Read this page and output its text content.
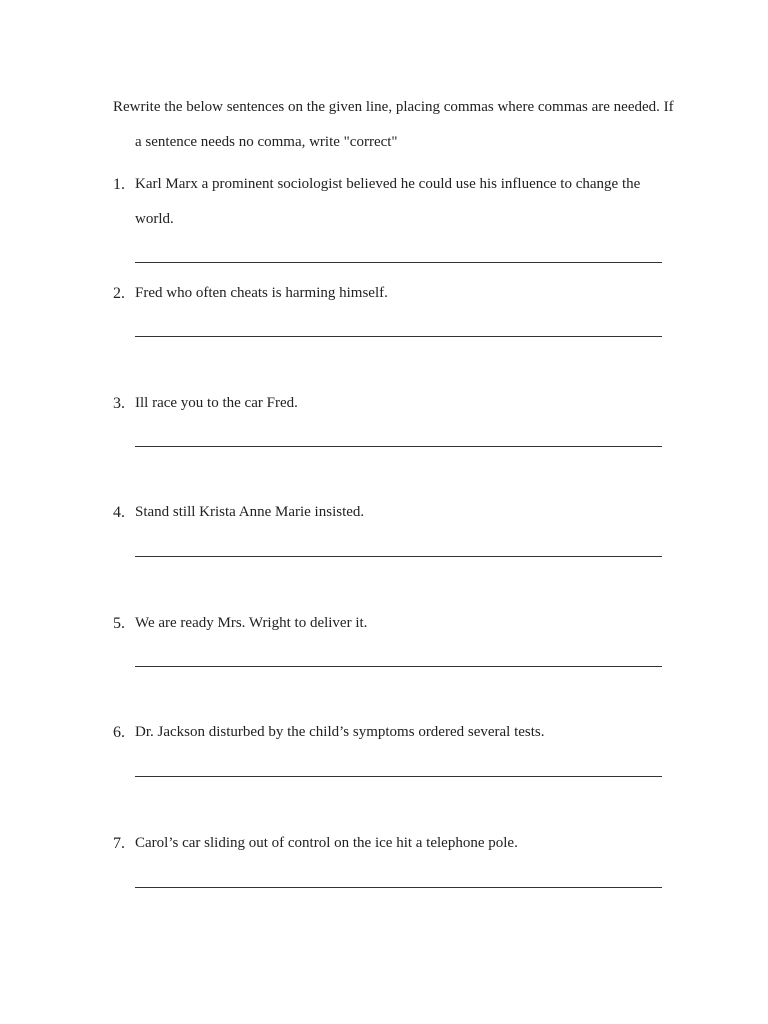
Rewrite the below sentences on the given line, placing commas where commas are needed. If
a sentence needs no comma, write "correct"
1. Karl Marx a prominent sociologist believed he could use his influence to change the
world.
2. Fred who often cheats is harming himself.
3. Ill race you to the car Fred.
4. Stand still Krista Anne Marie insisted.
5. We are ready Mrs. Wright to deliver it.
6. Dr. Jackson disturbed by the child’s symptoms ordered several tests.
7. Carol’s car sliding out of control on the ice hit a telephone pole.
